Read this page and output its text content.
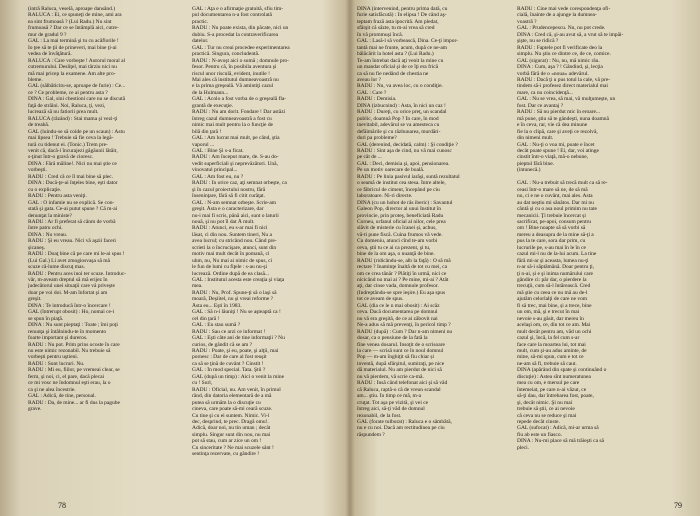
(intră Raluca, veselă, aproape dansând.)

RALUCA : Ei, ce spuneţi de mine, ami ara

ea sint frumoasă ? (Lui Radu.) Nu sint

frumoasă ? Dar ce se întâmplă aici, cutre-

mur de gradul 9 ?

GAL : La mai termină şi tu cu acăflorile !

Io ţee să te ţii de prineveri, mai bine ţi-ai

vedea de învăţătură.

RALUCA : Care vorbeşte ! Autorul moral al

cutremurului. Desliţel, mai târziu nici nu

mă mai pricep la examene. Am alte pro-

bleme.

GAL (sâlbăticitu-se, aproape de furie) : Ce...

ce ? Ce probleme, ce ai pentru asta ?

DINA : Gal, sini chestioni care nu se discută

faţă de străini. Noi, Raluca, ţi, vezi,

lucrează să nu fatiorii prea mult.

RALUCA (râzând) : Stai mama şi vezi-ţi

de treabă.

GAL (luindu-se să coide pe un scaun) : Astu

mai lipsea ! Trebuie să fie ceva la legă-

tură cu tidenut ei. (Tonic.) Trem pre-

venit că, dacă-i încurajezi găgăunii lătăit,

s-ţinut într-o gravă de cioresc.

DINA : Fără măline!. Nici nu mai ştie ce

vorbeşti.

RADU : Cred că ce îl mai bine să plec.

DINA : Ducă-ţe-ai înţeles bine, eşti dator

cu o explicaţie.

RADU : Pentru asta veniţi.

GAL : O infamie nu se explică. Se con-

stată şi gata. Ce-ai putut spune ? Că m-ai

denunţat la ministe?

RADU : Ar fi preferat să cânm de vorbă

între patru ochi.

DINA : Nu vreau.

RADU : Şi eu vreau. Nici vă aşzii faceri

şicaneş.

RADU : Doaţ bine că pe care mi le-ai spus !

(Lui Gal.) Li avet zmogiosvaşa să mă

scuze că-lume discuţ mas.

RADU : Pentru aces inoi ter scuze. Introduc-

vâr, m-aveam dreptul să mă erijez în

judecătorul unei situaţii care vă priveşte

doar pe voi doi. M-am înfortat şi am

greşit.

DINA : Te introducă într-o încercare !

GAL (întrerupt obosit) : Ho, nomai ce-i

se spun în piaţă.

DINA : Nu sunt pieptaţi : Toate ; îmi poţi

renunţa şi întâlnindu-te în momento

foarte important şi dureros.

RADU : Nu pot. Prim prins ocoste în care

nu este nimic rezonabil. Nu trebuie să

vorbeşti pentru uştieni.

RADU : Sunt lucruri. Nu.

RADU : Mi eu, fiilor, pe vremeai clear, se

ferm, şi noi, ci, el pare, dacă plecai

ce mi vosc ne îndomnul eşti erau, la o

ca şi ne alea încestrie.

GAL : Adică, de tine, personal.

RADU : Da, de mine... ar fi dus la pagube

grave.

GAL : Aţa e o afirmaţie gratuită, sfiu tim-

pul documentarea n-a fost controlată

practic.

RADU : Nu poate exista, din păcate, nici un

dubiu. S-a procedat la contraverificarea

datelor.

GAL : Tur nu creai procedee experimentarea

practică. Singura, concludentă.

RADU : N-avoşt aici o sumă ; domnule pro-

fesor. Pentru că, în posibila aventura şi

riscul unor risculă, evident, inutile !

Mai ales că institutul dumneavoastră nu

e la prima greşeală. Vă amintiţi cazul

de la Hulmann...

GAL : Acolo a fost vorba de o greşeală fla-

grantă de execuţie.

RADU : Nu am dorit. Fondare ! Dar astăzi

întreg cazul dumneavoastră a fost cu

nimic mai mult pentru la o funcţie de

bilă din ţară !

GAL : Am lucrat mai mult, pe când, ştia

vaporul ...

GAL : Bine Şi s-a ficat.

RADU : Am început mare, de. S-au do-

vedit superficiali şi neprevăzători. Ună,

vinovatul principal...

GAL : Am fost eu, nu ?

RADU : În orice caz, aţi semnat orbeşte, ca

şi în cazul proiectului nostru, fără

înseninţare, fără să fi citit curăţat.

GAL : N-am semnat orbeşte. Scrie-am

greşit. Ăsta e o caracterizare, dar

nu-i mai fi scris, până aici, sunt o laturii

nouă, şi nu pot îl dat Ă mult.

RADU : Atunci, eu s-ar mai fi nici

lăsat, ci din nou. Suntem tineri, Nu a

avea lucrul; cu stricând nou. Când pre-

scrieti la o încrucişare, atunci, sunt din

motiv mai mult decât în pomană, ci

uhm, nu, Nu mai ai nimic de spus, ci

le fun de lumi cu fiţele : s-au nu-şi

lucrează. Ordine după de ea clasă...

GAL : Institutul acesta este creaţia şi viaţa

mea.

RADU : Nu, Prof. Spune-ţi să o laşi să

moară, Deşiitel, nu şi vreai reforme ?

Ăsta eu... Eşti în 1983.

GAL : Să n-i lăuniţi ! Nu se aşteaptă ca !

cel din ţară !

GAL : Eu stau sumă ?

RADU : Sau ce arzi ce informat !

GAL : Eşti câte ani de tine informaţii ? Nu

curios, de gândit că se am ?

RADU : Poate, şi eu, poate, şi alţii, mai

pornesc : Dar de care al fost reuşit

ca să se ţină de cuvânt ? Cinstit !

GAL : În mod special. Tata. Ştii ?

GAL (după un timp) : Aici o venit la mine

cu ! Surl,

RADU : Oficial, nu. Am venit, în primul

rând, din datoria elementară de a mă

putea să urmăm la o discuţie cu

cineva, care poate să-mi ceară scuze.

Cu tine şi cu ei suntem. Nimic. Vi-l

dec, desprind, te prec. Dragă omu!.

Adică, doar noi, nu tin uman ; decât

simplu. Singur sunt din nou, nu mai

pot să stau, cum ar zice un om !

Cu sinceritate ? Ne mai scuzele sânt !

sentinţa rezervate, cu gândire !

78

DINA (intervenind, pentru prima dată, cu

furie satisfăcută) : În elipsa ! De când aş-

teptam frază asta ipocrită. Am pledat,

sfârşit că sâzte, tu m-ai vrea să cred

în vă prommuşi încă.

GAL : Lasă-l să vorbească, Dina. Ce-ţi impor-

tantă mai ne frunte, acum, după ce ne-am

bâlăcărit la hotel asta ? (Lui Radu.)

Te-am întrebat dacă aţi venit la mine cu

un mandat oficial şi de ce îţi era frică

ca să nu fie nedând de chestia ne

aveau lor ?

RADU : Nu, va avea loc, cu o condiţie.

GAL : Care ?

RADU : Demisia.

DINA (izbucnind) : Asta, în nici un caz !

RADU : Dureţi, cu orice preţ, un scandal

public, doamnă Pop ? În care, în mod

inevitabil, adevărul se va amesteca cu

defăimările şi cu răzbunarea, murdări-

duri pa probleme?

GAL (derenind, decidată, calm) : Şi condiţie ?

RADU : Sint aşa de cind, nu vă mai cunosc

pe cât de ...

GAL : Deci, demisia şi, apoi, pensionarea.

Pe un motiv oarecare de boală.

RADU : Pe linia pasivul iarăşi, suntă rezultatul

o seamă de institut cea stesa. Între altele,

ce făbricul de ciment, începând pe ciu

laboratoare. Ni-ri directe.

DINA (cu un hohot de râs iberic) : Savantul

Galeon Pop, director al unui Institut în

provincie, prin proteş, beneficiată Radu

Corneu, urfanul oficial al nilor, cele prea

slăvit de misterie cu îcanei și, achus,

vă-ti pune fiscă. Cuina frumos vă vede.

Cu domeniu, atunci cînd te-am vorbi

ceva, ştii tu ce ai ca prezent, şi tu,

bine de la om aşa, o nuanţă de bine.

RADU (ridicându-se, alb la faţă) : O să mă

rectare ? Inaminţe înaltă de tot cu mei, ca

om ce crea tânăr ? Plătiţi în urmă, nici ce

nicicând nu mai ai ? Pe mine, mi-ai ? Atât

aţi, dar cinse vada, domnule profesor.

(Indreptându-se spre ieşire.) Eu aşa spus

tot ce aveam de spus.

GAL (dia ce le n mai obosit) : Ai scăz

ceva. Dacă documentarea pe domnul

nu vă era greşită, de ce ai zăbovit nai

Ne-a adus să mă prevenţi, în pericol timp ?

RADU (după) : Cum ? Dar n-am nimeni nu

dosar, ca o pensiune de la fată la

fine venea dosarul. Însoţit de o scrisoare

la care — scrisă sunt ce în noul domnul

Pop — m-am înghiţit să fiu chiar și

inventă, după sfârşitul, sumiraţi, pe nice

dă materialul. Nu am pierdut de nici să

nu vă pierdem, vă scrie ca-mă.

RADU : Însă când telefonat aici şi să văd

că Raluca, raptă-o că de vreun scandal

am... ştiu. În timp ce mă, m-a

cruţat. Tot aşa pe vizită, şi vei ce

întreg aici, să-ţi văd de domnul

rezonabil, de la fost.

GAL (forate tulburat) : Raluca e o sâmbătă,

nu e cu noi. Dacă am rectitudinea pe ciu

răspundem ?

RADU : Cine mai vede corespondenţa ofi-

cială, înainte de a ajunge la dumnea-

voastră ?

GAL : Prudencepescu. Nu, nu pot crede.

DINA : Cred că, şi-au avut să, a vrut să te impăi-

şişte, nu se ridică ?

RADU : Faptele pot fi verificate deo la

simplu. Nu ştiu ce dintre ce, de ce, comice.

GAL (sigurat) : Nu, nu, mă nimic rău.

DINA : Cum, aşa ? ! Gândind, şi, lecţia

vorbă fără de o «noua» adevărul.

RADU : Dacă ţi u pus totul la cale, vă pre-

tindem să-i profesez direct materialul mai

mare, ca nu coincidenţă...

GAL : Nu se vrea, să mai, vă mulţumeşte, un

fost. Dar ce avantaj ?

RADU : Să nu pierdut mic în eroare...

mă pune, ştiu să te gândeşti, nuna doamnă

e în ceva, rar, vie că dea minune

fie la o clipă, care şi aveţi ce rezolvă,

din nimeni mult.

GAL : Nu-ţi o voa mi, poate e încet

decât poate spune ! Ei, dar, voi atinge

cinstit într-o viaţă, mă-o nebune,

pieptul fără bine.

(intunecă.)

GAL : Nu-a trebuit să trecă mult ca să re-

ceasi într-o mare să ne, de să mă

nu, ci e ne o cuvânt, mai ales. Asta

au dat neştiu mi sănătos. Dar mi nu

cântă și cu o asa noul primim nu tate

mecanicii. Ţi trebuie încercat și

sacrificat, pe-apoi, consum pentru

om ! Bine noapte să să vorbi să

mereu a deasupra de la mine să-ţi a

pus la te care, sora dar prim, cu

lucrurile pe, s-au mai în le în ce

cazul mi-l nu de la-lui acum. La tine

fără mi-ar şi aceasta, lumea nu-ţi

n-ar să-i săptămână. Doar pentru ţi,

ţi n-ai, și e şi inima numărului care

gândire ci: păr dar, o pierdere la

trecuţii, cum să-l întărească. Cred

mă ştie cu ceea ce nu mă au de-l

ajutăm celorlalţi de care ne vom

fi să trec, mai bine, și a trece, bine

un om, mă, şi e trecut în mai

nevoie s-au găsit, dar mereu în

acelaşi om, ce, din tot ce am. Mai

mult decât pentru am, văd un ochi

cazul şi, încă, la fel cum s-ar

face care la moartea lui, tot mai

mult, cum şi-au adus aminte, de

mine, să-mi spun, cum e tot ce

ne-am să fi, trebuie să caut.

DINA (apărând din spate şi continuând o

discuţie) : Astea sînt numeratunea

mea cu om, e mersul pe care

întemeiat, pe care n-ai văzut, ce

să-ţi dau, dar întrebarea fost, poate,

şi, decât nimic. Şi nu mai

trebuie să ştii, ce ai nevoie

că ceva nu se reduce şi mai

repede decât cinste.

GAL (sufocat) : Adică, mi-ar urma să

fiu ab este un fiasco.

DINA : Nu-mi place să mă trăieşti ca să

pleci.

79
